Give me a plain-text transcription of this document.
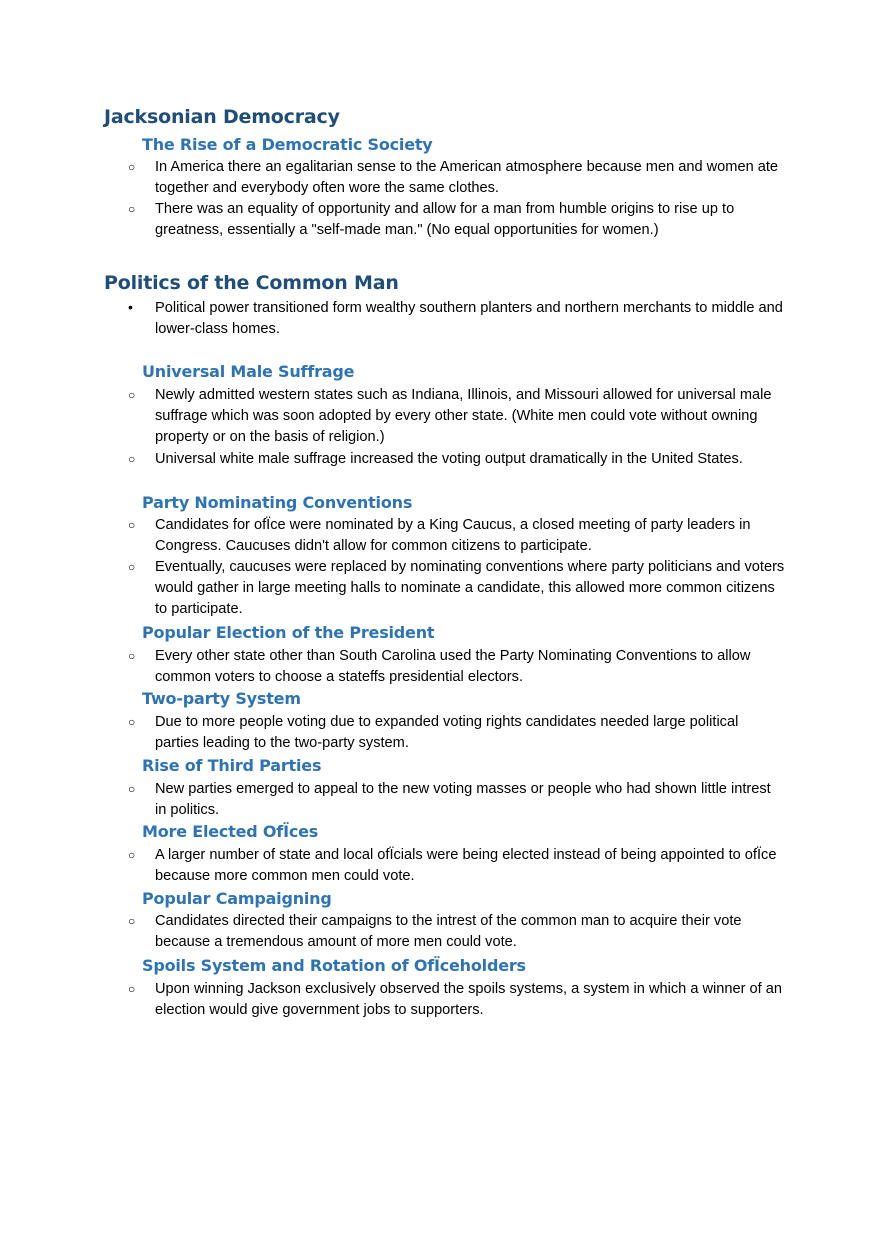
Jacksonian Democracy
The Rise of a Democratic Society
○ In America there an egalitarian sense to the American atmosphere because men and women ate together and everybody often wore the same clothes.
○ There was an equality of opportunity and allow for a man from humble origins to rise up to greatness, essentially a "self-made man." (No equal opportunities for women.)
Politics of the Common Man
• Political power transitioned form wealthy southern planters and northern merchants to middle and lower-class homes.
Universal Male Suffrage
○ Newly admitted western states such as Indiana, Illinois, and Missouri allowed for universal male suffrage which was soon adopted by every other state. (White men could vote without owning property or on the basis of religion.)
○ Universal white male suffrage increased the voting output dramatically in the United States.
Party Nominating Conventions
○ Candidates for ofÏce were nominated by a King Caucus, a closed meeting of party leaders in Congress. Caucuses didn't allow for common citizens to participate.
○ Eventually, caucuses were replaced by nominating conventions where party politicians and voters would gather in large meeting halls to nominate a candidate, this allowed more common citizens to participate.
Popular Election of the President
○ Every other state other than South Carolina used the Party Nominating Conventions to allow common voters to choose a stateffs presidential electors.
Two-party System
○ Due to more people voting due to expanded voting rights candidates needed large political parties leading to the two-party system.
Rise of Third Parties
○ New parties emerged to appeal to the new voting masses or people who had shown little intrest in politics.
More Elected OfÏces
○ A larger number of state and local ofÏcials were being elected instead of being appointed to ofÏce because more common men could vote.
Popular Campaigning
○ Candidates directed their campaigns to the intrest of the common man to acquire their vote because a tremendous amount of more men could vote.
Spoils System and Rotation of OfÏceholders
○ Upon winning Jackson exclusively observed the spoils systems, a system in which a winner of an election would give government jobs to supporters.
